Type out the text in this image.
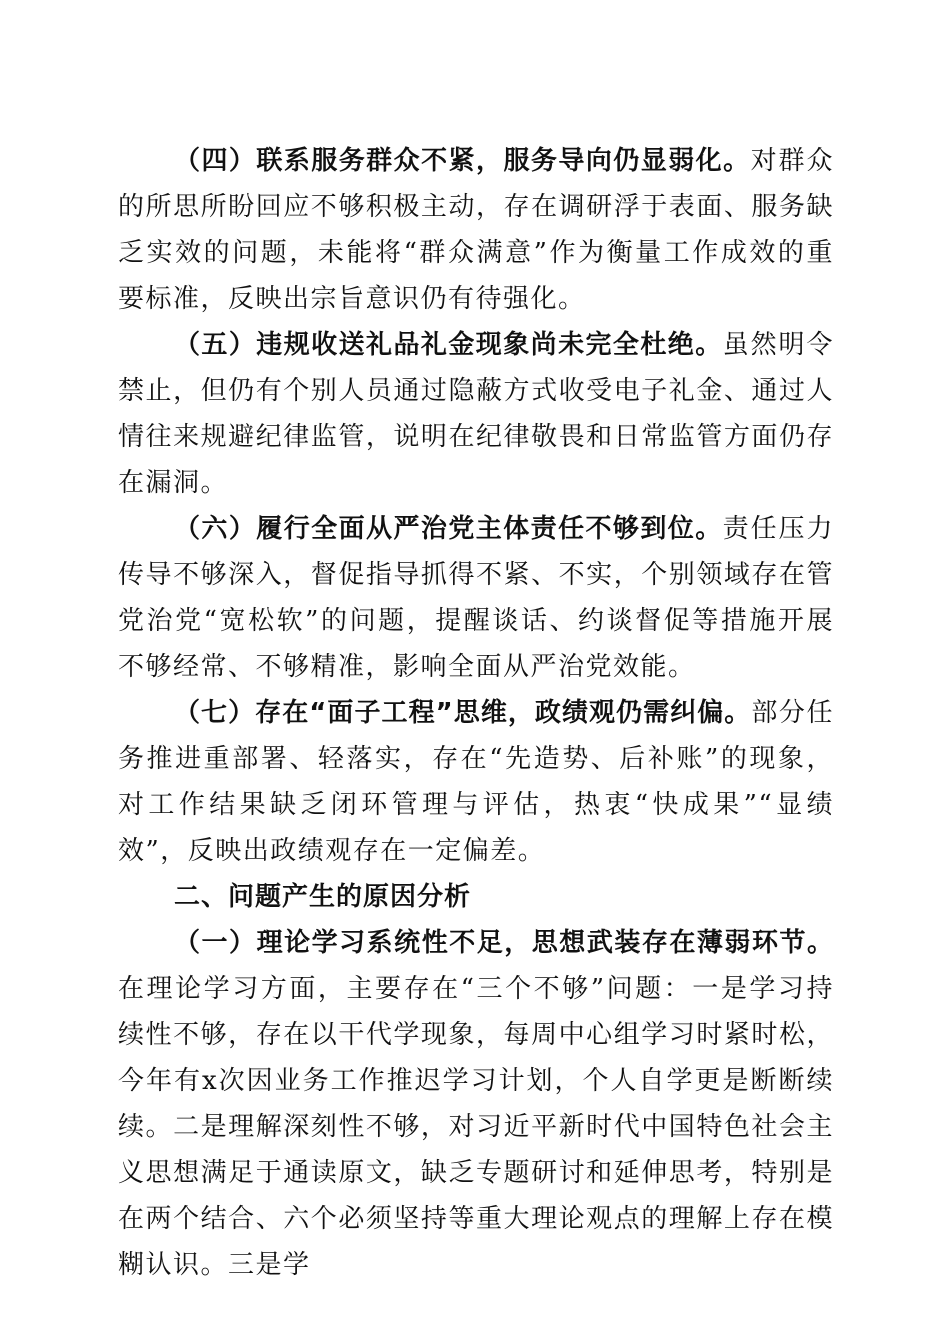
（四）联系服务群众不紧，服务导向仍显弱化。对群众的所思所盼回应不够积极主动，存在调研浮于表面、服务缺乏实效的问题，未能将“群众满意”作为衡量工作成效的重要标准，反映出宗旨意识仍有待强化。

（五）违规收送礼品礼金现象尚未完全杜绝。虽然明令禁止，但仍有个别人员通过隐蔽方式收受电子礼金、通过人情往来规避纪律监管，说明在纪律敬畏和日常监管方面仍存在漏洞。

（六）履行全面从严治党主体责任不够到位。责任压力传导不够深入，督促指导抓得不紧、不实，个别领域存在管党治党“宽松软”的问题，提醒谈话、约谈督促等措施开展不够经常、不够精准，影响全面从严治党效能。

（七）存在“面子工程”思维，政绩观仍需纠偏。部分任务推进重部署、轻落实，存在“先造势、后补账”的现象，对工作结果缺乏闭环管理与评估，热衷“快成果”“显绩效”，反映出政绩观存在一定偏差。

二、问题产生的原因分析

（一）理论学习系统性不足，思想武装存在薄弱环节。在理论学习方面，主要存在“三个不够”问题：一是学习持续性不够，存在以干代学现象，每周中心组学习时紧时松，今年有x次因业务工作推迟学习计划，个人自学更是断断续续。二是理解深刻性不够，对习近平新时代中国特色社会主义思想满足于通读原文，缺乏专题研讨和延伸思考，特别是在两个结合、六个必须坚持等重大理论观点的理解上存在模糊认识。三是学
